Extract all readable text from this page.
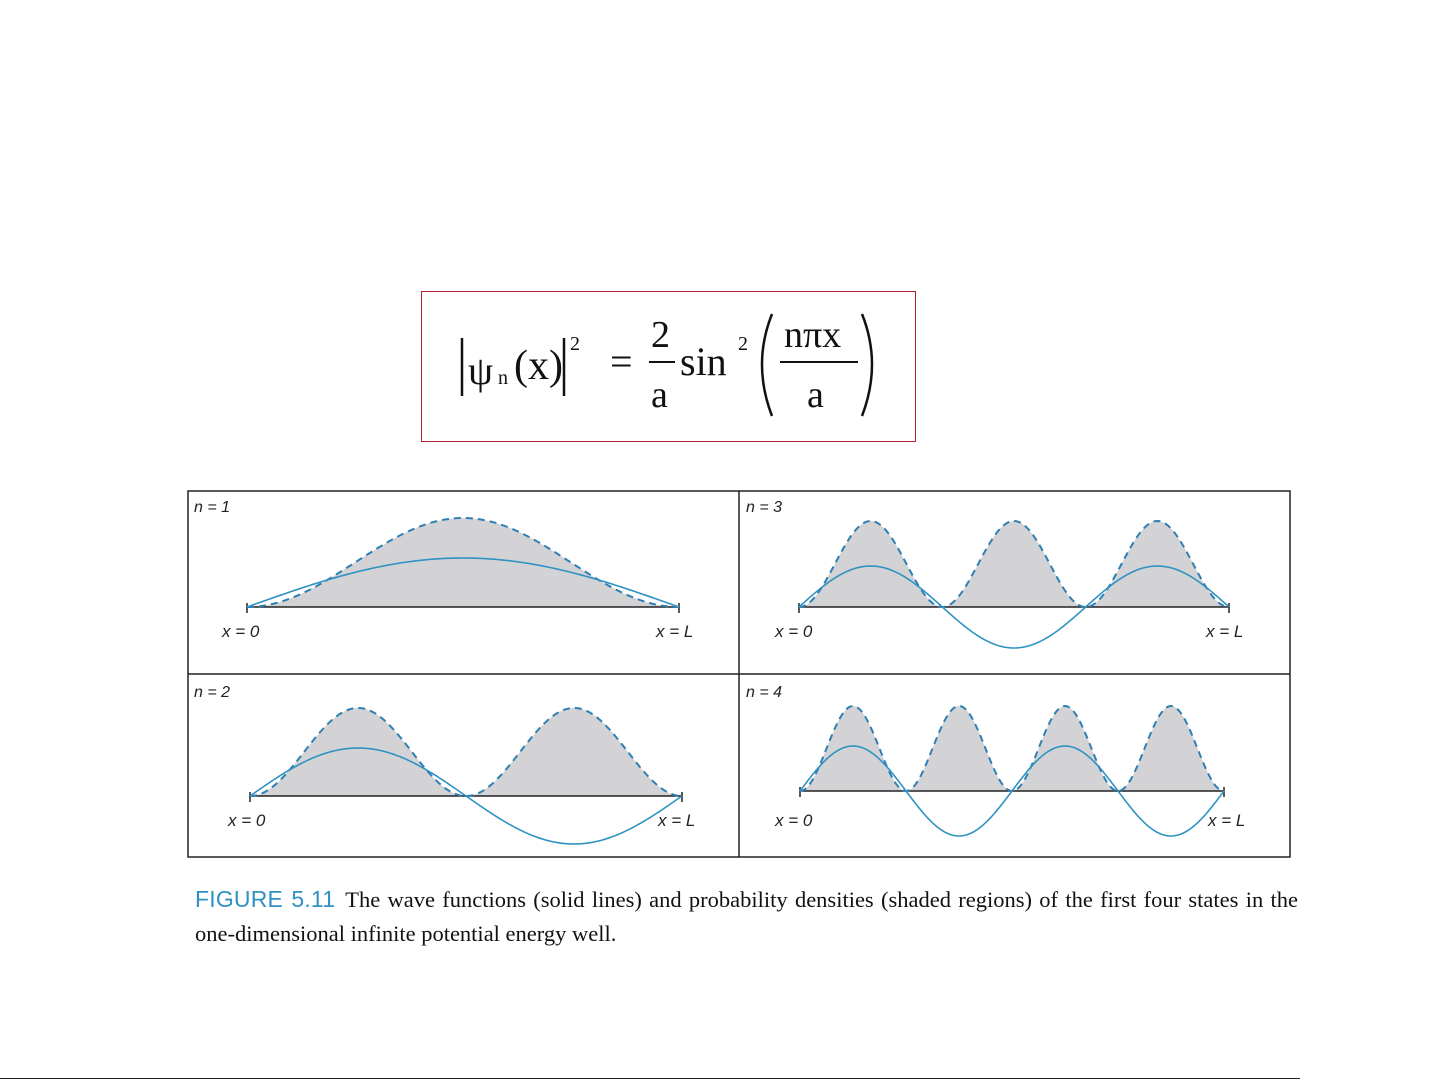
ψ n (x) 2 =
2
a
sin 2 nπx
a
n = 1
x = 0	x = L
n = 3
x = 0	x = L
n = 2
x = 0	x = L
n = 4
x = 0	x = L
FIGURE 5.11 The wave functions (solid lines) and probability densities (shaded regions) of the first four states in the one-dimensional infinite potential energy well.
